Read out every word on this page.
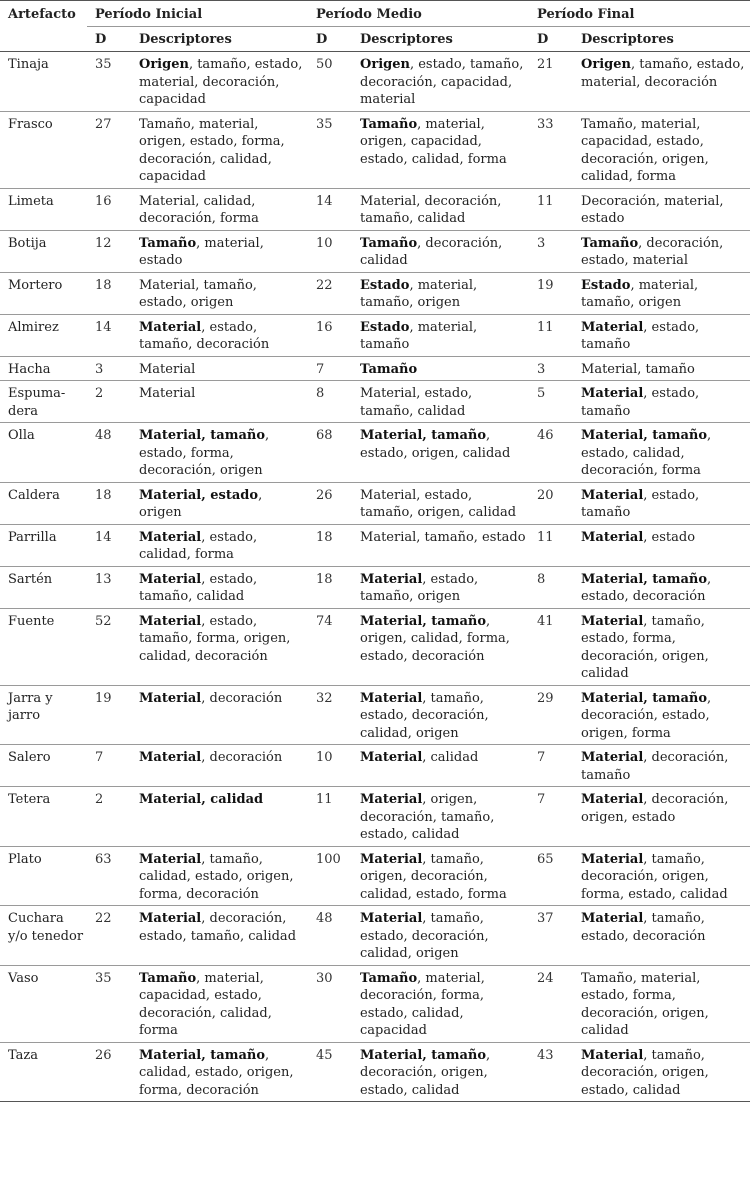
Artefacto	Período Inicial		Período Medio		Período Final	
	D	Descriptores	D	Descriptores	D	Descriptores
Tinaja	35	Origen, tamaño, estado, material, decoración, capacidad	50	Origen, estado, tamaño, decoración, capacidad, material	21	Origen, tamaño, estado, material, decoración
Frasco	27	Tamaño, material, origen, estado, forma, decoración, calidad, capacidad	35	Tamaño, material, origen, capacidad, estado, calidad, forma	33	Tamaño, material, capacidad, estado, decoración, origen, calidad, forma
Limeta	16	Material, calidad, decoración, forma	14	Material, decoración, tamaño, calidad	11	Decoración, material, estado
Botija	12	Tamaño, material, estado	10	Tamaño, decoración, calidad	3	Tamaño, decoración, estado, material
Mortero	18	Material, tamaño, estado, origen	22	Estado, material, tamaño, origen	19	Estado, material, tamaño, origen
Almirez	14	Material, estado, tamaño, decoración	16	Estado, material, tamaño	11	Material, estado, tamaño
Hacha	3	Material	7	Tamaño	3	Material, tamaño
Espuma-dera	2	Material	8	Material, estado, tamaño, calidad	5	Material, estado, tamaño
Olla	48	Material, tamaño, estado, forma, decoración, origen	68	Material, tamaño, estado, origen, calidad	46	Material, tamaño, estado, calidad, decoración, forma
Caldera	18	Material, estado, origen	26	Material, estado, tamaño, origen, calidad	20	Material, estado, tamaño
Parrilla	14	Material, estado, calidad, forma	18	Material, tamaño, estado	11	Material, estado
Sartén	13	Material, estado, tamaño, calidad	18	Material, estado, tamaño, origen	8	Material, tamaño, estado, decoración
Fuente	52	Material, estado, tamaño, forma, origen, calidad, decoración	74	Material, tamaño, origen, calidad, forma, estado, decoración	41	Material, tamaño, estado, forma, decoración, origen, calidad
Jarra y jarro	19	Material, decoración	32	Material, tamaño, estado, decoración, calidad, origen	29	Material, tamaño, decoración, estado, origen, forma
Salero	7	Material, decoración	10	Material, calidad	7	Material, decoración, tamaño
Tetera	2	Material, calidad	11	Material, origen, decoración, tamaño, estado, calidad	7	Material, decoración, origen, estado
Plato	63	Material, tamaño, calidad, estado, origen, forma, decoración	100	Material, tamaño, origen, decoración, calidad, estado, forma	65	Material, tamaño, decoración, origen, forma, estado, calidad
Cuchara y/o tenedor	22	Material, decoración, estado, tamaño, calidad	48	Material, tamaño, estado, decoración, calidad, origen	37	Material, tamaño, estado, decoración
Vaso	35	Tamaño, material, capacidad, estado, decoración, calidad, forma	30	Tamaño, material, decoración, forma, estado, calidad, capacidad	24	Tamaño, material, estado, forma, decoración, origen, calidad
Taza	26	Material, tamaño, calidad, estado, origen, forma, decoración	45	Material, tamaño, decoración, origen, estado, calidad	43	Material, tamaño, decoración, origen, estado, calidad
